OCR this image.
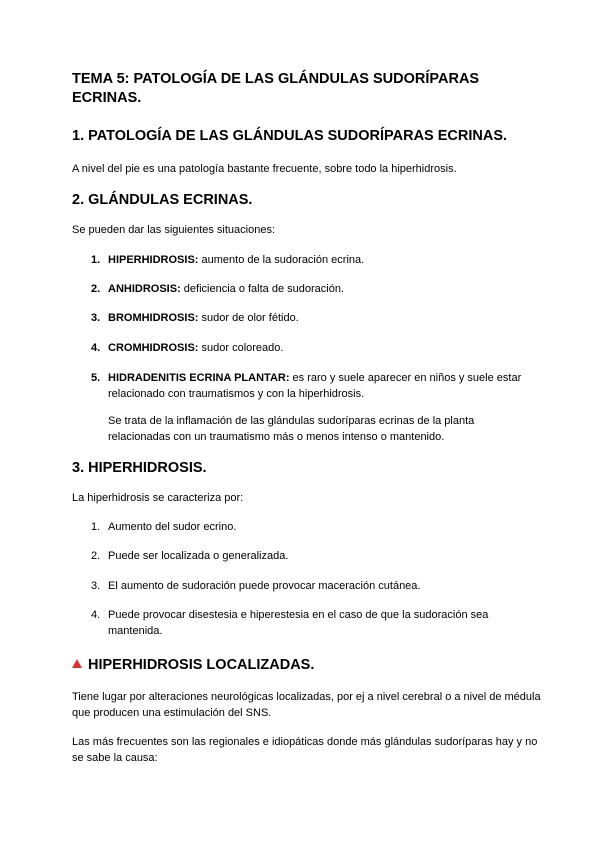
TEMA 5: PATOLOGÍA DE LAS GLÁNDULAS SUDORÍPARAS ECRINAS.
1. PATOLOGÍA DE LAS GLÁNDULAS SUDORÍPARAS ECRINAS.
A nivel del pie es una patología bastante frecuente, sobre todo la hiperhidrosis.
2. GLÁNDULAS ECRINAS.
Se pueden dar las siguientes situaciones:
1. HIPERHIDROSIS: aumento de la sudoración ecrina.
2. ANHIDROSIS: deficiencia o falta de sudoración.
3. BROMHIDROSIS: sudor de olor fétido.
4. CROMHIDROSIS: sudor coloreado.
5. HIDRADENITIS ECRINA PLANTAR: es raro y suele aparecer en niños y suele estar relacionado con traumatismos y con la hiperhidrosis.
Se trata de la inflamación de las glándulas sudoríparas ecrinas de la planta relacionadas con un traumatismo más o menos intenso o mantenido.
3. HIPERHIDROSIS.
La hiperhidrosis se caracteriza por:
1. Aumento del sudor ecrino.
2. Puede ser localizada o generalizada.
3. El aumento de sudoración puede provocar maceración cutánea.
4. Puede provocar disestesia e hiperestesia en el caso de que la sudoración sea mantenida.
HIPERHIDROSIS LOCALIZADAS.
Tiene lugar por alteraciones neurológicas localizadas, por ej a nivel cerebral o a nivel de médula que producen una estimulación del SNS.
Las más frecuentes son las regionales e idiopáticas donde más glándulas sudoríparas hay y no se sabe la causa:
